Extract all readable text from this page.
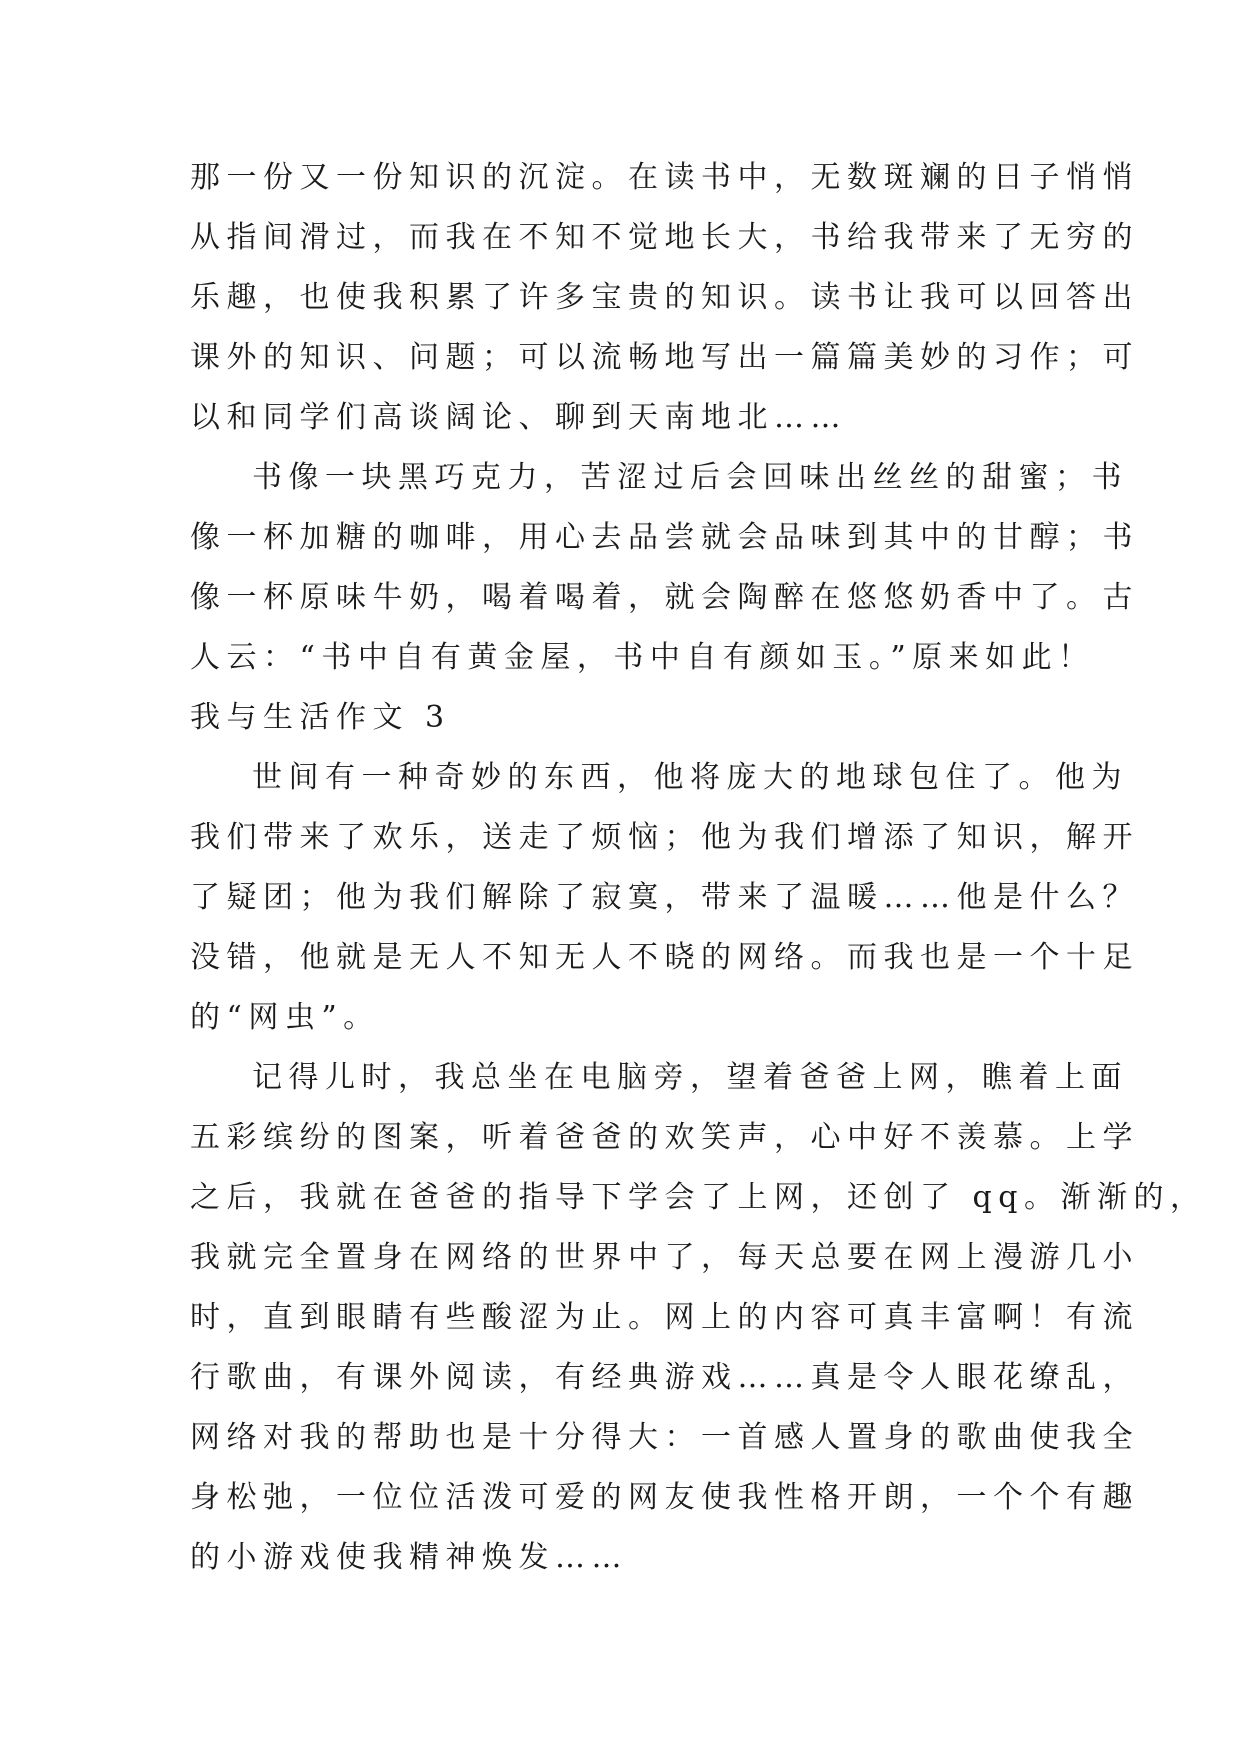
那一份又一份知识的沉淀。在读书中，无数斑斓的日子悄悄
从指间滑过，而我在不知不觉地长大，书给我带来了无穷的
乐趣，也使我积累了许多宝贵的知识。读书让我可以回答出
课外的知识、问题；可以流畅地写出一篇篇美妙的习作；可
以和同学们高谈阔论、聊到天南地北……
书像一块黑巧克力，苦涩过后会回味出丝丝的甜蜜；书
像一杯加糖的咖啡，用心去品尝就会品味到其中的甘醇；书
像一杯原味牛奶，喝着喝着，就会陶醉在悠悠奶香中了。古
人云：“书中自有黄金屋，书中自有颜如玉。”原来如此！
我与生活作文 3
世间有一种奇妙的东西，他将庞大的地球包住了。他为
我们带来了欢乐，送走了烦恼；他为我们增添了知识，解开
了疑团；他为我们解除了寂寞，带来了温暖……他是什么？
没错，他就是无人不知无人不晓的网络。而我也是一个十足
的“网虫”。
记得儿时，我总坐在电脑旁，望着爸爸上网，瞧着上面
五彩缤纷的图案，听着爸爸的欢笑声，心中好不羡慕。上学
之后，我就在爸爸的指导下学会了上网，还创了 qq。渐渐的，
我就完全置身在网络的世界中了，每天总要在网上漫游几小
时，直到眼睛有些酸涩为止。网上的内容可真丰富啊！有流
行歌曲，有课外阅读，有经典游戏……真是令人眼花缭乱，
网络对我的帮助也是十分得大：一首感人置身的歌曲使我全
身松弛，一位位活泼可爱的网友使我性格开朗，一个个有趣
的小游戏使我精神焕发……
